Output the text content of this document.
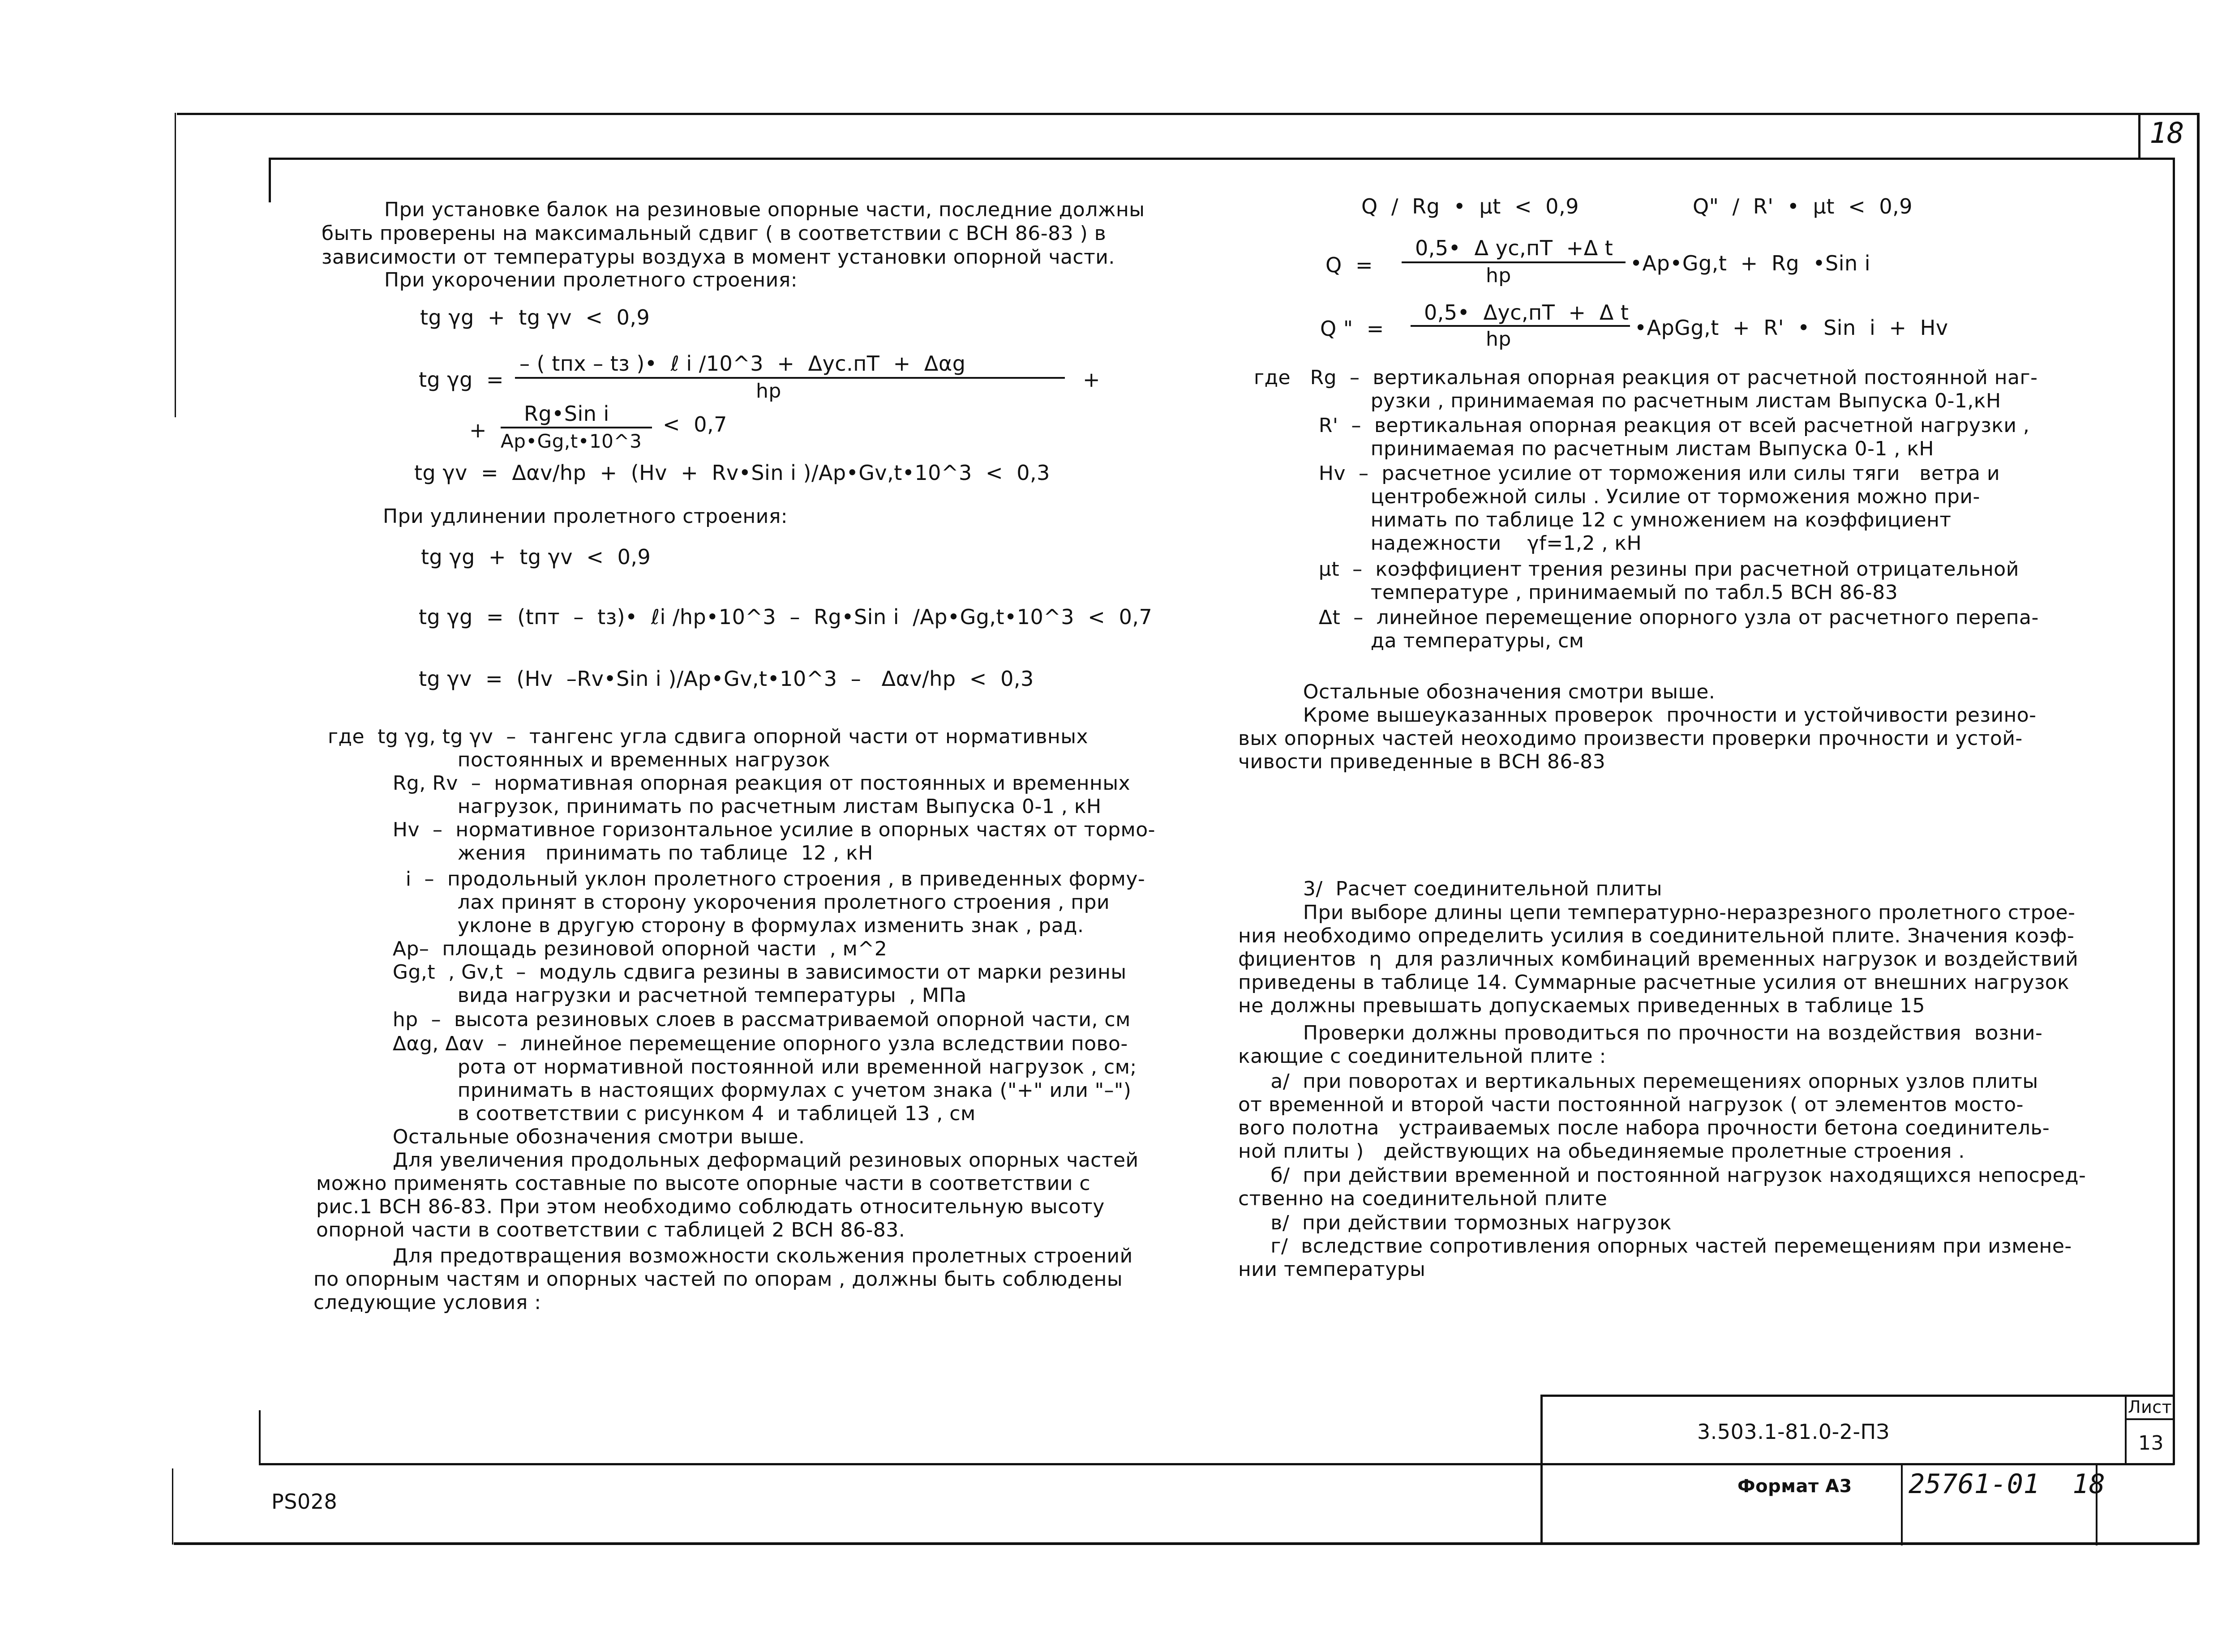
18
3.503.1-81.0-2-ПЗ
Лист
13
Формат А3 25761-01  18
PS028
При установке балок на резиновые опорные части, последние должны
быть проверены на максимальный сдвиг ( в соответствии с ВСН 86-83 ) в
зависимости от температуры воздуха в момент установки опорной части.
При укорочении пролетного строения:
tg γg  +  tg γv  <  0,9
tg γg  =
– ( tпх – tз )•  ℓ i /10^3  +  Δус.пТ  +  Δαg
hp	+
+
Rg•Sin i
Ap•Gg,t•10^3
<  0,7
tg γv  =  Δαv/hp  +  (Hv  +  Rv•Sin i )/Ap•Gv,t•10^3  <  0,3
При удлинении пролетного строения:
tg γg  +  tg γv  <  0,9
tg γg  =  (tпт  –  tз)•  ℓi /hp•10^3  –  Rg•Sin i  /Ap•Gg,t•10^3  <  0,7
tg γv  =  (Hv  –Rv•Sin i )/Ap•Gv,t•10^3  –   Δαv/hp  <  0,3
где  tg γg, tg γv  –  тангенс угла сдвига опорной части от нормативных
постоянных и временных нагрузок
Rg, Rv  –  нормативная опорная реакция от постоянных и временных
нагрузок, принимать по расчетным листам Выпуска 0-1 , кН
Hv  –  нормативное горизонтальное усилие в опорных частях от тормо-
жения   принимать по таблице  12 , кН
i  –  продольный уклон пролетного строения , в приведенных форму-
лах принят в сторону укорочения пролетного строения , при
уклоне в другую сторону в формулах изменить знак , рад.
Ap–  площадь резиновой опорной части  , м^2
Gg,t  , Gv,t  –  модуль сдвига резины в зависимости от марки резины
вида нагрузки и расчетной температуры  , МПа
hp  –  высота резиновых слоев в рассматриваемой опорной части, см
Δαg, Δαv  –  линейное перемещение опорного узла вследствии пово-
рота от нормативной постоянной или временной нагрузок , см;
принимать в настоящих формулах с учетом знака ("+" или "–")
в соответствии с рисунком 4  и таблицей 13 , см
Остальные обозначения смотри выше.
Для увеличения продольных деформаций резиновых опорных частей
можно применять составные по высоте опорные части в соответствии с
рис.1 ВСН 86-83. При этом необходимо соблюдать относительную высоту
опорной части в соответствии с таблицей 2 ВСН 86-83.
Для предотвращения возможности скольжения пролетных строений
по опорным частям и опорных частей по опорам , должны быть соблюдены
следующие условия :
Q  /  Rg  •  μt  <  0,9	Q"  /  R'  •  μt  <  0,9
Q  =
0,5•  Δ ус,пТ  +Δ t
hp
•Ap•Gg,t  +  Rg  •Sin i
Q "  =
0,5•  Δус,пТ  +  Δ t
hp	•ApGg,t  +  R'  •  Sin  i  +  Hv
где   Rg  –  вертикальная опорная реакция от расчетной постоянной наг-
рузки , принимаемая по расчетным листам Выпуска 0-1,кН
R'  –  вертикальная опорная реакция от всей расчетной нагрузки ,
принимаемая по расчетным листам Выпуска 0-1 , кН
Hv  –  расчетное усилие от торможения или силы тяги   ветра и
центробежной силы . Усилие от торможения можно при-
нимать по таблице 12 с умножением на коэффициент
надежности    γf=1,2 , кН
μt  –  коэффициент трения резины при расчетной отрицательной
температуре , принимаемый по табл.5 ВСН 86-83
Δt  –  линейное перемещение опорного узла от расчетного перепа-
да температуры, см
Остальные обозначения смотри выше.
Кроме вышеуказанных проверок  прочности и устойчивости резино-
вых опорных частей неоходимо произвести проверки прочности и устой-
чивости приведенные в ВСН 86-83
3/  Расчет соединительной плиты
При выборе длины цепи температурно-неразрезного пролетного строе-
ния необходимо определить усилия в соединительной плите. Значения коэф-
фициентов  η  для различных комбинаций временных нагрузок и воздействий
приведены в таблице 14. Суммарные расчетные усилия от внешних нагрузок
не должны превышать допускаемых приведенных в таблице 15
Проверки должны проводиться по прочности на воздействия  возни-
кающие с соединительной плите :
а/  при поворотах и вертикальных перемещениях опорных узлов плиты
от временной и второй части постоянной нагрузок ( от элементов мосто-
вого полотна   устраиваемых после набора прочности бетона соединитель-
ной плиты )   действующих на обьединяемые пролетные строения .
б/  при действии временной и постоянной нагрузок находящихся непосред-
ственно на соединительной плите
в/  при действии тормозных нагрузок
г/  вследствие сопротивления опорных частей перемещениям при измене-
нии температуры
